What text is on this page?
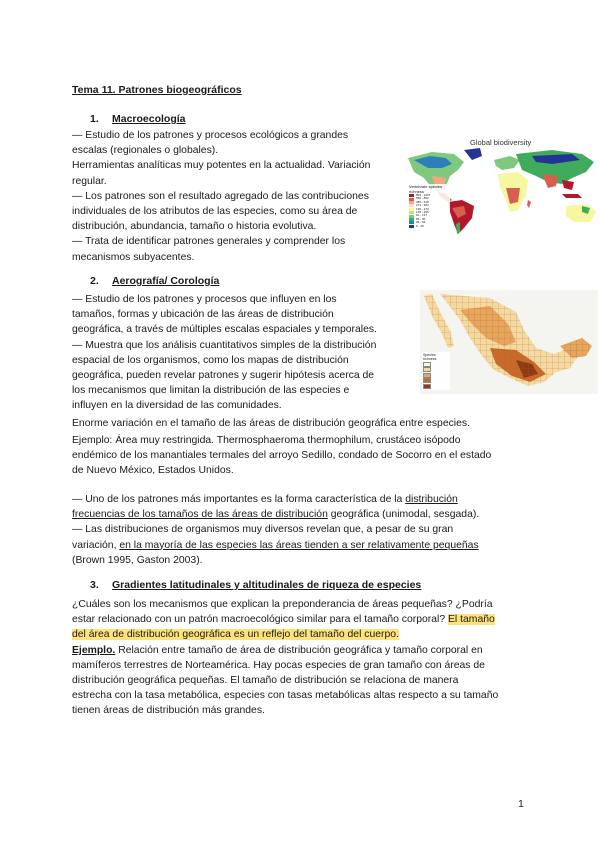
Tema 11. Patrones biogeográficos
1. Macroecología

— Estudio de los patrones y procesos ecológicos a grandes

escalas (regionales o globales).

Herramientas analíticas muy potentes en la actualidad. Variación

regular.

— Los patrones son el resultado agregado de las contribuciones

individuales de los atributos de las especies, como su área de

distribución, abundancia, tamaño o historia evolutiva.

— Trata de identificar patrones generales y comprender los

mecanismos subyacentes.

Global biodiversity
Vertebrate species richness
803 - 1267
550 - 802
385 - 549
274 - 384
196 - 273
138 - 195
91 - 137
55 - 90
26 - 54
0 - 25
2. Aerografía/ Corología

— Estudio de los patrones y procesos que influyen en los

tamaños, formas y ubicación de las áreas de distribución

geográfica, a través de múltiples escalas espaciales y temporales.

— Muestra que los análisis cuantitativos simples de la distribución

espacial de los organismos, como los mapas de distribución

geográfica, pueden revelar patrones y sugerir hipótesis acerca de

los mecanismos que limitan la distribución de las especies e

influyen en la diversidad de las comunidades.

Species richness

Enorme variación en el tamaño de las áreas de distribución geográfica entre especies.

Ejemplo: Área muy restringida. Thermosphaeroma thermophilum, crustáceo isópodo

endémico de los manantiales termales del arroyo Sedillo, condado de Socorro en el estado

de Nuevo México, Estados Unidos.

— Uno de los patrones más importantes es la forma característica de la distribución

frecuencias de los tamaños de las áreas de distribución geográfica (unimodal, sesgada).

— Las distribuciones de organismos muy diversos revelan que, a pesar de su gran

variación, en la mayoría de las especies las áreas tienden a ser relativamente pequeñas

(Brown 1995, Gaston 2003).

3. Gradientes latitudinales y altitudinales de riqueza de especies

¿Cuáles son los mecanismos que explican la preponderancia de áreas pequeñas? ¿Podría

estar relacionado con un patrón macroecológico similar para el tamaño corporal? El tamaño

del área de distribución geográfica es un reflejo del tamaño del cuerpo.

Ejemplo. Relación entre tamaño de área de distribución geográfica y tamaño corporal en

mamíferos terrestres de Norteamérica. Hay pocas especies de gran tamaño con áreas de

distribución geográfica pequeñas. El tamaño de distribución se relaciona de manera

estrecha con la tasa metabólica, especies con tasas metabólicas altas respecto a su tamaño

tienen áreas de distribución más grandes.

1
